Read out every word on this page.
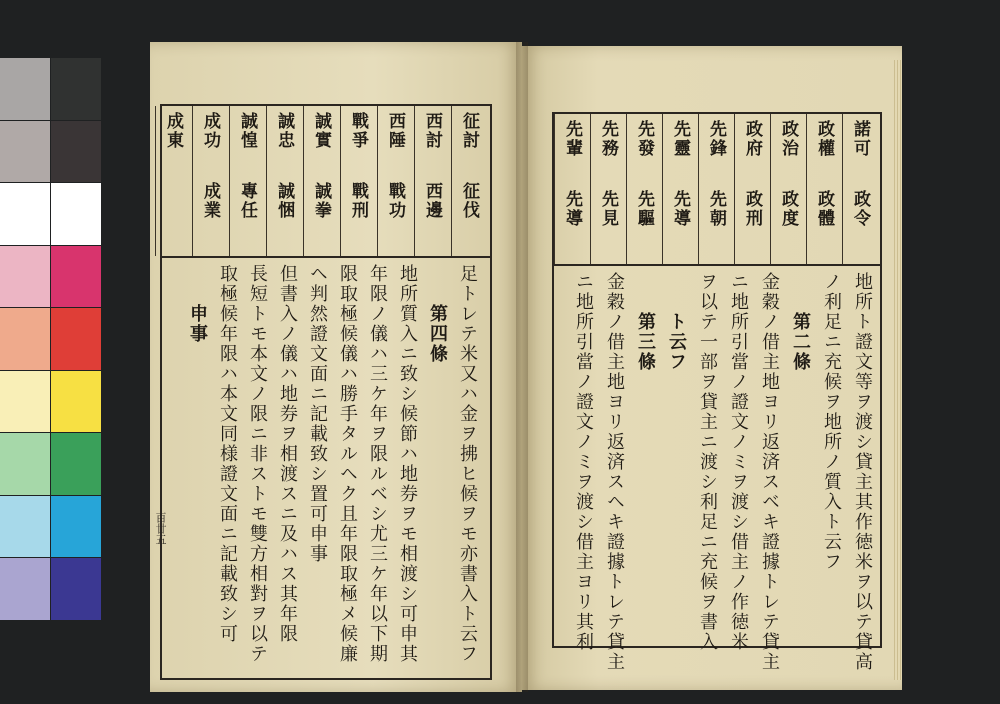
征討
征伐
西討
西邊
西陲
戰功
戰爭
戰刑
誠實
誠拳
誠忠
誠悃
誠惶
專任
成功
成業
成東
足トレテ米又ハ金ヲ拂ヒ候ヲモ亦書入ト云フ
第四條
地所質入ニ致シ候節ハ地券ヲモ相渡シ可申其
年限ノ儀ハ三ケ年ヲ限ルベシ尤三ケ年以下期
限取極候儀ハ勝手タルヘク且年限取極メ候廉
ヘ判然證文面ニ記載致シ置可申事
但書入ノ儀ハ地券ヲ相渡スニ及ハス其年限
長短トモ本文ノ限ニ非ストモ雙方相對ヲ以テ
取極候年限ハ本文同様證文面ニ記載致シ可
申事
百廿五
諾可
政令
政權
政體
政治
政度
政府
政刑
先鋒
先朝
先靈
先導
先發
先驅
先務
先見
先輩
先導
地所ト證文等ヲ渡シ貸主其作徳米ヲ以テ貸高
ノ利足ニ充候ヲ地所ノ質入ト云フ
第二條
金穀ノ借主地ヨリ返済スベキ證據トレテ貸主
ニ地所引當ノ證文ノミヲ渡シ借主ノ作徳米
ヲ以テ一部ヲ貸主ニ渡シ利足ニ充候ヲ書入
ト云フ
第三條
金穀ノ借主地ヨリ返済スヘキ證據トレテ貸主
ニ地所引當ノ證文ノミヲ渡シ借主ヨリ其利
